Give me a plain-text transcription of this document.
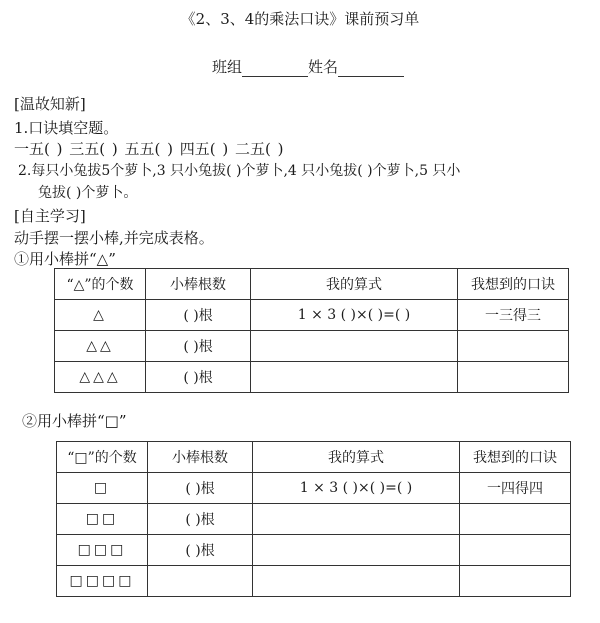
《2、3、4的乘法口诀》课前预习单
班组	姓名
[温故知新]
1.口诀填空题。
一五( ) 三五( ) 五五( ) 四五( ) 二五( )
2.每只小兔拔5个萝卜,3 只小兔拔( )个萝卜,4 只小兔拔( )个萝卜,5 只小
兔拔( )个萝卜。
[自主学习]
动手摆一摆小棒,并完成表格。
①用小棒拼“△”
“△”的个数	小棒根数	我的算式	我想到的口诀
△	( )根	1 × 3 ( )×( )=( )	一三得三
△△	( )根		
△△△	( )根		
②用小棒拼“□”
“□”的个数	小棒根数	我的算式	我想到的口诀
□	( )根	1 × 3 ( )×( )=( )	一四得四
□□	( )根		
□□□	( )根		
□□□□			
